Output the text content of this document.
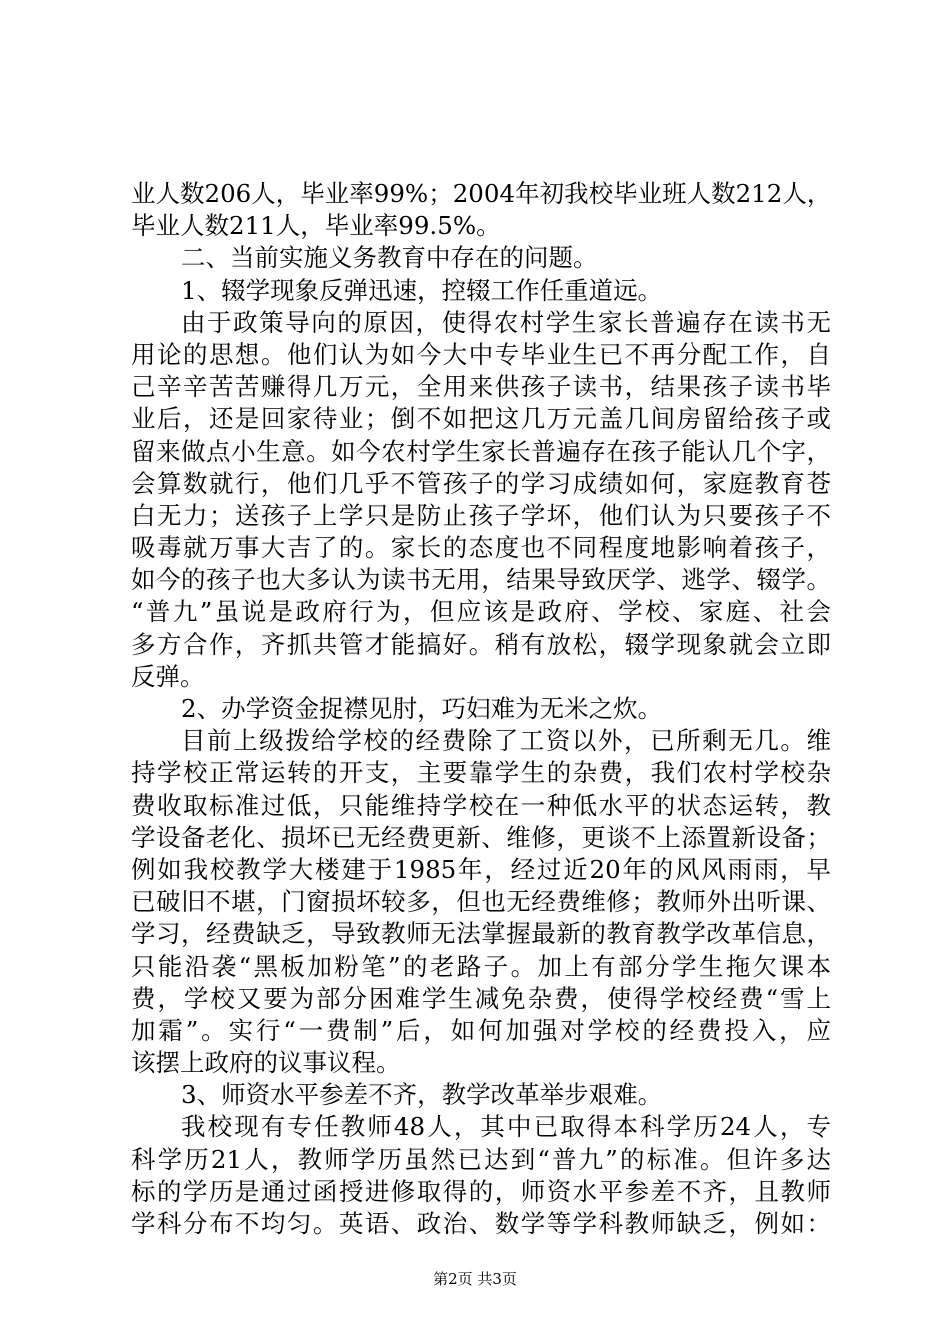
业人数206人，毕业率99%；2004年初我校毕业班人数212人，
毕业人数211人，毕业率99.5%。
二、当前实施义务教育中存在的问题。
1、辍学现象反弹迅速，控辍工作任重道远。
由于政策导向的原因，使得农村学生家长普遍存在读书无
用论的思想。他们认为如今大中专毕业生已不再分配工作，自
己辛辛苦苦赚得几万元，全用来供孩子读书，结果孩子读书毕
业后，还是回家待业；倒不如把这几万元盖几间房留给孩子或
留来做点小生意。如今农村学生家长普遍存在孩子能认几个字，
会算数就行，他们几乎不管孩子的学习成绩如何，家庭教育苍
白无力；送孩子上学只是防止孩子学坏，他们认为只要孩子不
吸毒就万事大吉了的。家长的态度也不同程度地影响着孩子，
如今的孩子也大多认为读书无用，结果导致厌学、逃学、辍学。
“普九”虽说是政府行为，但应该是政府、学校、家庭、社会
多方合作，齐抓共管才能搞好。稍有放松，辍学现象就会立即
反弹。
2、办学资金捉襟见肘，巧妇难为无米之炊。
目前上级拨给学校的经费除了工资以外，已所剩无几。维
持学校正常运转的开支，主要靠学生的杂费，我们农村学校杂
费收取标准过低，只能维持学校在一种低水平的状态运转，教
学设备老化、损坏已无经费更新、维修，更谈不上添置新设备；
例如我校教学大楼建于1985年，经过近20年的风风雨雨，早
已破旧不堪，门窗损坏较多，但也无经费维修；教师外出听课、
学习，经费缺乏，导致教师无法掌握最新的教育教学改革信息，
只能沿袭“黑板加粉笔”的老路子。加上有部分学生拖欠课本
费，学校又要为部分困难学生减免杂费，使得学校经费“雪上
加霜”。实行“一费制”后，如何加强对学校的经费投入，应
该摆上政府的议事议程。
3、师资水平参差不齐，教学改革举步艰难。
我校现有专任教师48人，其中已取得本科学历24人，专
科学历21人，教师学历虽然已达到“普九”的标准。但许多达
标的学历是通过函授进修取得的，师资水平参差不齐，且教师
学科分布不均匀。英语、政治、数学等学科教师缺乏，例如：
第2页 共3页
